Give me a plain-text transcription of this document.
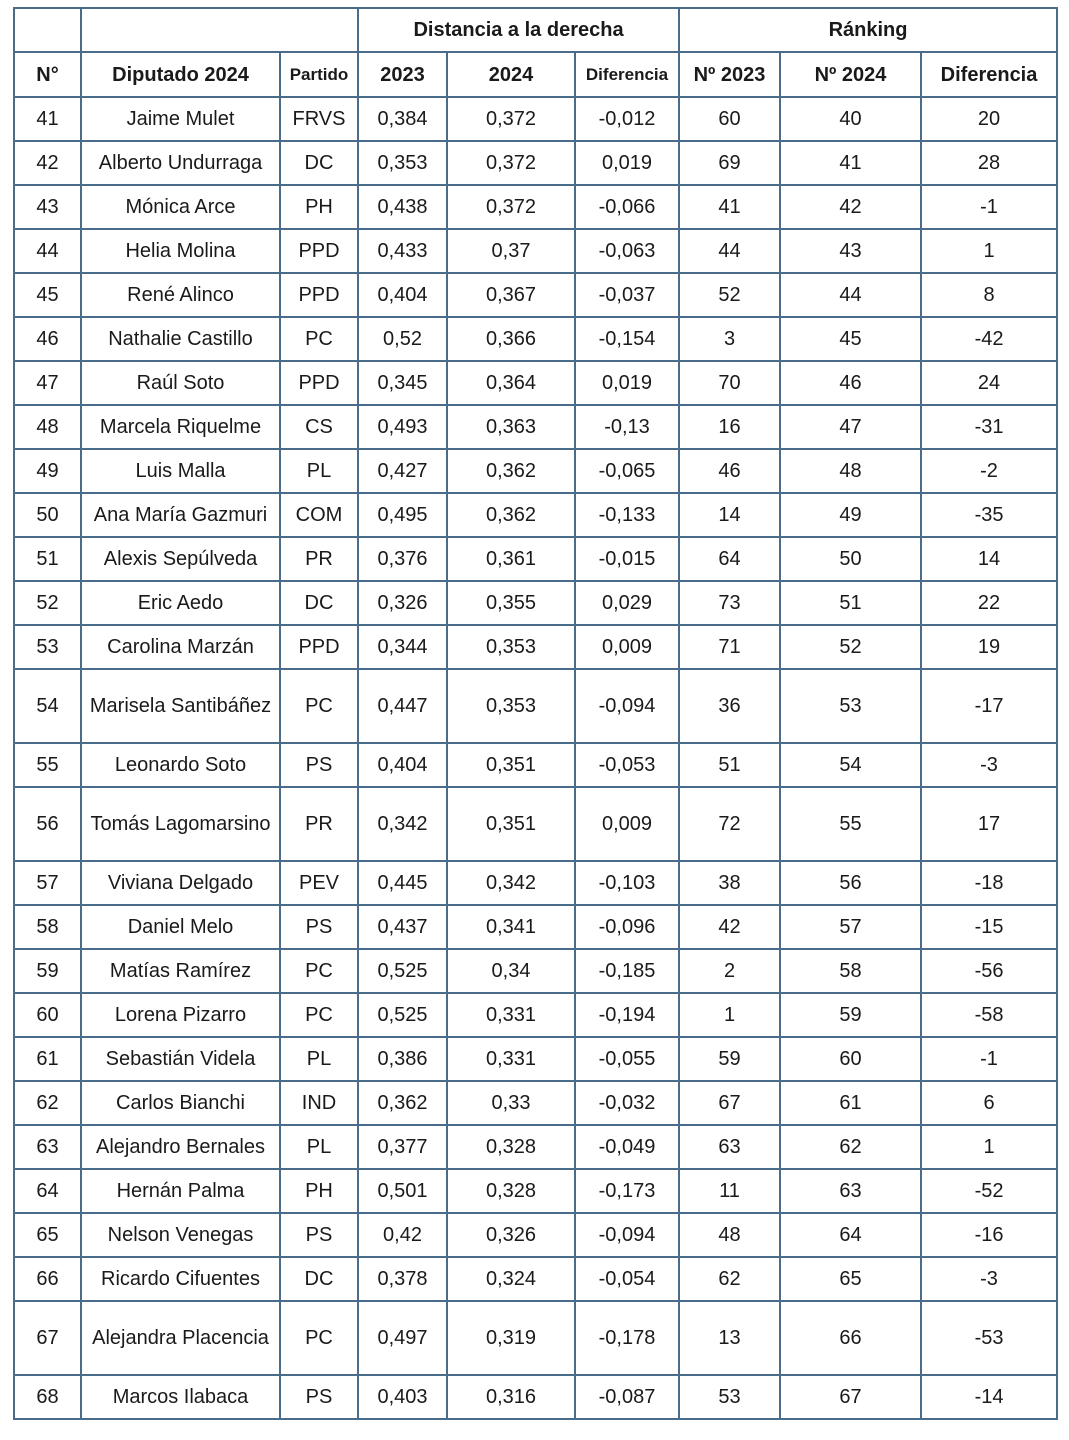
			Distancia a la derecha			Ránking		
N°	Diputado 2024	Partido	2023	2024	Diferencia	Nº 2023	Nº 2024	Diferencia
41	Jaime Mulet	FRVS	0,384	0,372	-0,012	60	40	20
42	Alberto Undurraga	DC	0,353	0,372	0,019	69	41	28
43	Mónica Arce	PH	0,438	0,372	-0,066	41	42	-1
44	Helia Molina	PPD	0,433	0,37	-0,063	44	43	1
45	René Alinco	PPD	0,404	0,367	-0,037	52	44	8
46	Nathalie Castillo	PC	0,52	0,366	-0,154	3	45	-42
47	Raúl Soto	PPD	0,345	0,364	0,019	70	46	24
48	Marcela Riquelme	CS	0,493	0,363	-0,13	16	47	-31
49	Luis Malla	PL	0,427	0,362	-0,065	46	48	-2
50	Ana María Gazmuri	COM	0,495	0,362	-0,133	14	49	-35
51	Alexis Sepúlveda	PR	0,376	0,361	-0,015	64	50	14
52	Eric Aedo	DC	0,326	0,355	0,029	73	51	22
53	Carolina Marzán	PPD	0,344	0,353	0,009	71	52	19
54	Marisela Santibáñez	PC	0,447	0,353	-0,094	36	53	-17
55	Leonardo Soto	PS	0,404	0,351	-0,053	51	54	-3
56	Tomás Lagomarsino	PR	0,342	0,351	0,009	72	55	17
57	Viviana Delgado	PEV	0,445	0,342	-0,103	38	56	-18
58	Daniel Melo	PS	0,437	0,341	-0,096	42	57	-15
59	Matías Ramírez	PC	0,525	0,34	-0,185	2	58	-56
60	Lorena Pizarro	PC	0,525	0,331	-0,194	1	59	-58
61	Sebastián Videla	PL	0,386	0,331	-0,055	59	60	-1
62	Carlos Bianchi	IND	0,362	0,33	-0,032	67	61	6
63	Alejandro Bernales	PL	0,377	0,328	-0,049	63	62	1
64	Hernán Palma	PH	0,501	0,328	-0,173	11	63	-52
65	Nelson Venegas	PS	0,42	0,326	-0,094	48	64	-16
66	Ricardo Cifuentes	DC	0,378	0,324	-0,054	62	65	-3
67	Alejandra Placencia	PC	0,497	0,319	-0,178	13	66	-53
68	Marcos Ilabaca	PS	0,403	0,316	-0,087	53	67	-14
